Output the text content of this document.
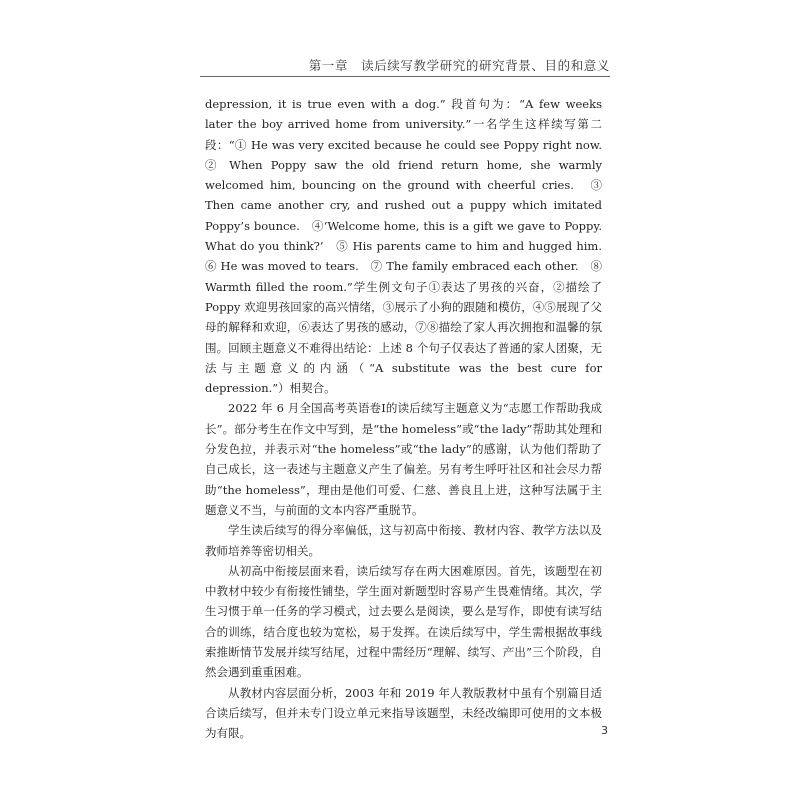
第一章　读后续写教学研究的研究背景、目的和意义

depression, it is true even with a dog.” 段首句为：“A few weeks later the boy arrived home from university.”一名学生这样续写第二段：“① He was very excited because he could see Poppy right now.　② When Poppy saw the old friend return home, she warmly welcomed him, bouncing on the ground with cheerful cries.　③ Then came another cry, and rushed out a puppy which imitated Poppy’s bounce.　④‘Welcome home, this is a gift we gave to Poppy. What do you think?’　⑤ His parents came to him and hugged him.　⑥ He was moved to tears.　⑦ The family embraced each other.　⑧ Warmth filled the room.”学生例文句子①表达了男孩的兴奋，②描绘了 Poppy 欢迎男孩回家的高兴情绪，③展示了小狗的跟随和模仿，④⑤展现了父母的解释和欢迎，⑥表达了男孩的感动，⑦⑧描绘了家人再次拥抱和温馨的氛围。回顾主题意义不难得出结论：上述 8 个句子仅表达了普通的家人团聚，无法与主题意义的内涵（“A substitute was the best cure for depression.”）相契合。

2022 年 6 月全国高考英语卷Ⅰ的读后续写主题意义为“志愿工作帮助我成长”。部分考生在作文中写到，是“the homeless”或“the lady”帮助其处理和分发色拉，并表示对“the homeless”或“the lady”的感谢，认为他们帮助了自己成长，这一表述与主题意义产生了偏差。另有考生呼吁社区和社会尽力帮助“the homeless”，理由是他们可爱、仁慈、善良且上进，这种写法属于主题意义不当，与前面的文本内容严重脱节。

学生读后续写的得分率偏低，这与初高中衔接、教材内容、教学方法以及教师培养等密切相关。

从初高中衔接层面来看，读后续写存在两大困难原因。首先，该题型在初中教材中较少有衔接性铺垫，学生面对新题型时容易产生畏难情绪。其次，学生习惯于单一任务的学习模式，过去要么是阅读，要么是写作，即使有读写结合的训练，结合度也较为宽松，易于发挥。在读后续写中，学生需根据故事线索推断情节发展并续写结尾，过程中需经历“理解、续写、产出”三个阶段，自然会遇到重重困难。

从教材内容层面分析，2003 年和 2019 年人教版教材中虽有个别篇目适合读后续写，但并未专门设立单元来指导该题型，未经改编即可使用的文本极为有限。	3
